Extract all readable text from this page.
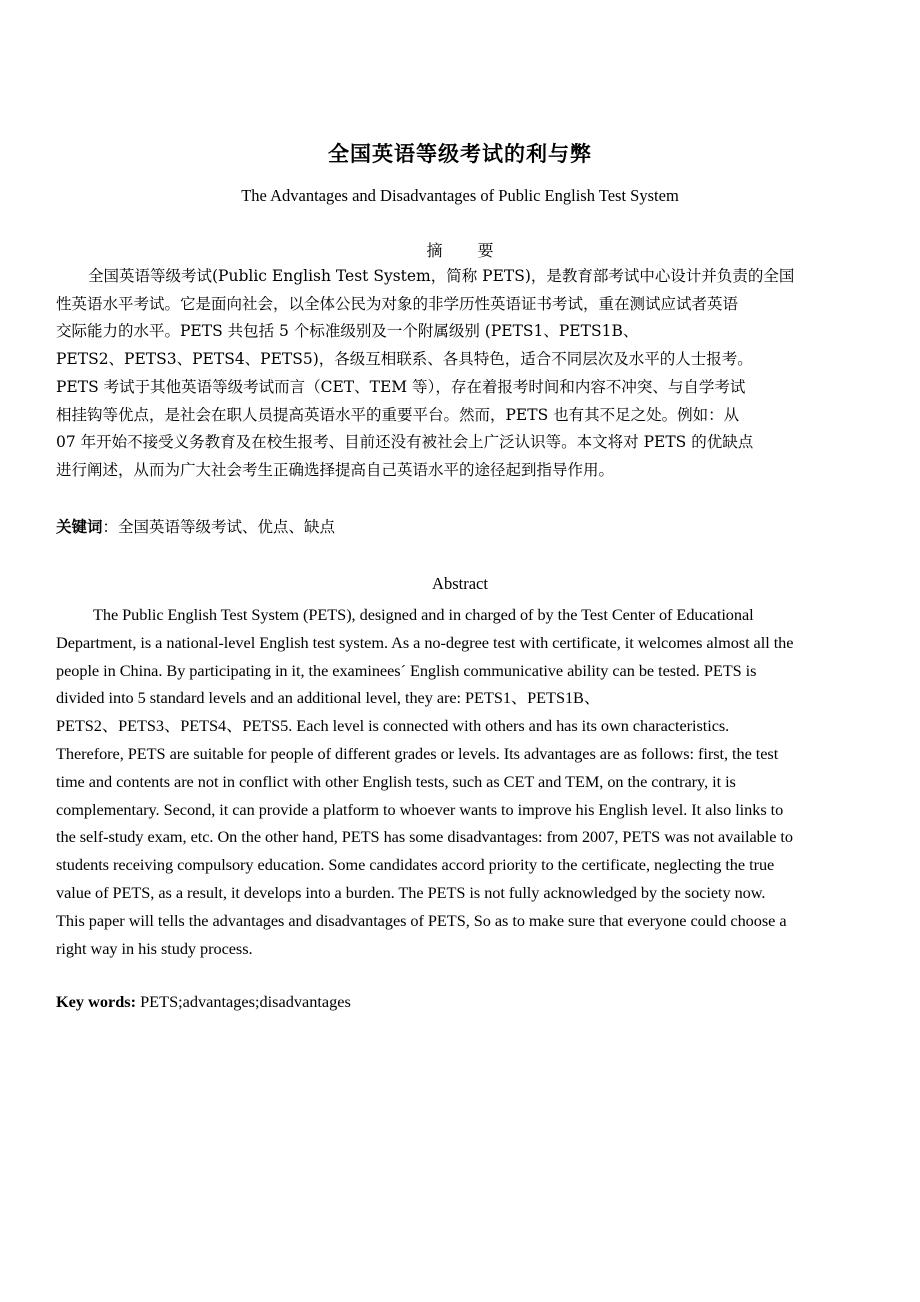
全国英语等级考试的利与弊
The Advantages and Disadvantages of Public English Test System
摘 要

全国英语等级考试(Public English Test System，简称 PETS)，是教育部考试中心设计并负责的全国

性英语水平考试。它是面向社会，以全体公民为对象的非学历性英语证书考试，重在测试应试者英语

交际能力的水平。PETS 共包括 5 个标准级别及一个附属级别 (PETS1、PETS1B、

PETS2、PETS3、PETS4、PETS5)，各级互相联系、各具特色，适合不同层次及水平的人士报考。

PETS 考试于其他英语等级考试而言（CET、TEM 等），存在着报考时间和内容不冲突、与自学考试

相挂钩等优点，是社会在职人员提高英语水平的重要平台。然而，PETS 也有其不足之处。例如：从

07 年开始不接受义务教育及在校生报考、目前还没有被社会上广泛认识等。本文将对 PETS 的优缺点

进行阐述，从而为广大社会考生正确选择提高自己英语水平的途径起到指导作用。

关键词：全国英语等级考试、优点、缺点
Abstract
The Public English Test System (PETS), designed and in charged of by the Test Center of Educational
Department, is a national-level English test system. As a no-degree test with certificate, it welcomes almost all the
people in China. By participating in it, the examinees´ English communicative ability can be tested. PETS is
divided into 5 standard levels and an additional level, they are: PETS1、PETS1B、
PETS2、PETS3、PETS4、PETS5. Each level is connected with others and has its own characteristics.
Therefore, PETS are suitable for people of different grades or levels. Its advantages are as follows: first, the test
time and contents are not in conflict with other English tests, such as CET and TEM, on the contrary, it is
complementary. Second, it can provide a platform to whoever wants to improve his English level. It also links to
the self-study exam, etc. On the other hand, PETS has some disadvantages: from 2007, PETS was not available to
students receiving compulsory education. Some candidates accord priority to the certificate, neglecting the true
value of PETS, as a result, it develops into a burden. The PETS is not fully acknowledged by the society now.
This paper will tells the advantages and disadvantages of PETS, So as to make sure that everyone could choose a
right way in his study process.
Key words: PETS;advantages;disadvantages
